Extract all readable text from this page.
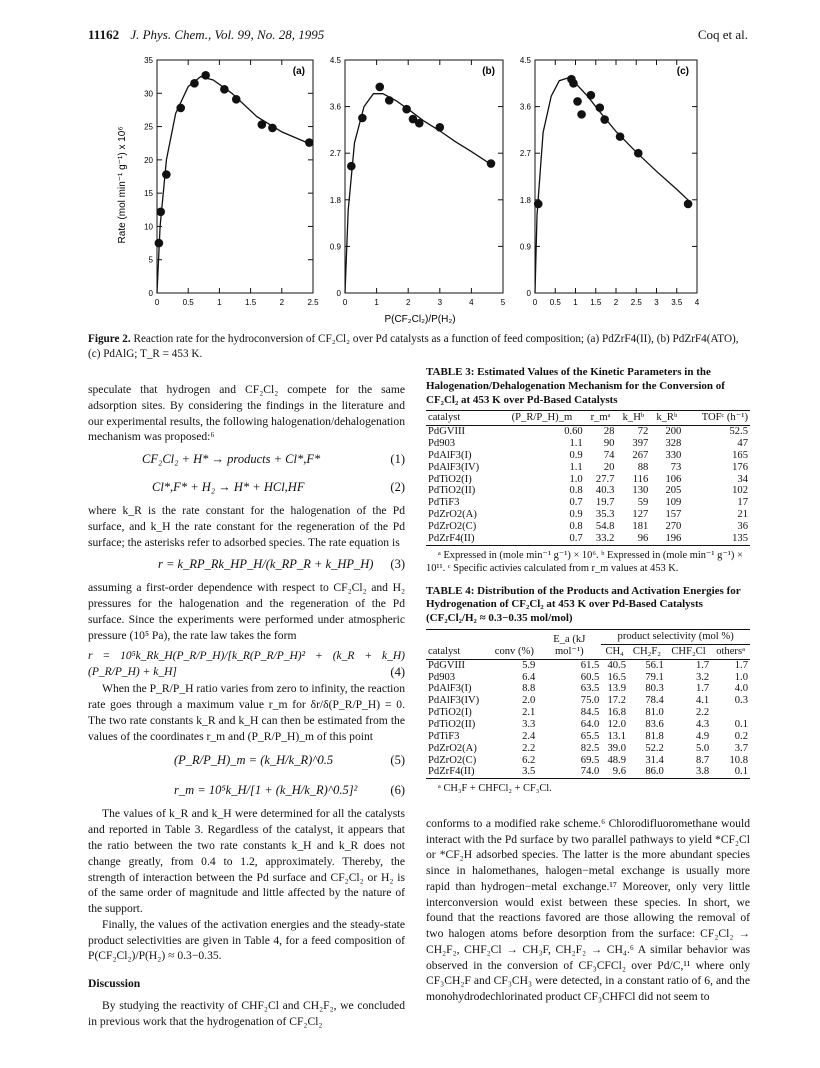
11162 J. Phys. Chem., Vol. 99, No. 28, 1995	Coq et al.
Rate (mol min⁻¹ g⁻¹) x 10⁶
P(CF₂Cl₂)/P(H₂)
0
5
10
15
20
25
30
35
0	0.5	1	1.5	2	2.5
(a)
0
0.9
1.8
2.7
3.6
4.5
0	1	2	3	4	5
(b)
0
0.9
1.8
2.7
3.6
4.5
0 0.5 1 1.5 2 2.5 3 3.5 4
(c)
Figure 2. Reaction rate for the hydroconversion of CF₂Cl₂ over Pd catalysts as a function of feed composition; (a) PdZrF4(II), (b) PdZrF4(ATO),
(c) PdAlG; T_R = 453 K.

speculate that hydrogen and CF₂Cl₂ compete for the same adsorption sites. By considering the findings in the literature and our experimental results, the following halogenation/dehalogenation mechanism was proposed:⁶

CF₂Cl₂ + H* → products + Cl*,F*	(1)
Cl*,F* + H₂ → H* + HCl,HF	(2)

where k_R is the rate constant for the halogenation of the Pd surface, and k_H the rate constant for the regeneration of the Pd surface; the asterisks refer to adsorbed species. The rate equation is

r = k_RP_Rk_HP_H/(k_RP_R + k_HP_H) (3)

assuming a first-order dependence with respect to CF₂Cl₂ and H₂ pressures for the halogenation and the regeneration of the Pd surface. Since the experiments were performed under atmospheric pressure (10⁵ Pa), the rate law takes the form

r = 10⁵k_Rk_H(P_R/P_H)/[k_R(P_R/P_H)² + (k_R + k_H)(P_R/P_H) + k_H]	(4)

When the P_R/P_H ratio varies from zero to infinity, the reaction rate goes through a maximum value r_m for δr/δ(P_R/P_H) = 0. The two rate constants k_R and k_H can then be estimated from the values of the coordinates r_m and (P_R/P_H)_m of this point

(P_R/P_H)_m = (k_H/k_R)^0.5	(5)
r_m = 10⁵k_H/[1 + (k_H/k_R)^0.5]²	(6)

The values of k_R and k_H were determined for all the catalysts and reported in Table 3. Regardless of the catalyst, it appears that the ratio between the two rate constants k_H and k_R does not change greatly, from 0.4 to 1.2, approximately. Thereby, the strength of interaction between the Pd surface and CF₂Cl₂ or H₂ is of the same order of magnitude and little affected by the nature of the support.

Finally, the values of the activation energies and the steady-state product selectivities are given in Table 4, for a feed composition of P(CF₂Cl₂)/P(H₂) ≈ 0.3−0.35.

Discussion

By studying the reactivity of CHF₂Cl and CH₂F₂, we concluded in previous work that the hydrogenation of CF₂Cl₂

TABLE 3: Estimated Values of the Kinetic Parameters in the Halogenation/Dehalogenation Mechanism for the Conversion of CF₂Cl₂ at 453 K over Pd-Based Catalysts
catalyst	(P_R/P_H)_m	r_mᵃ	k_Hᵇ	k_Rᵇ	TOFᶜ (h⁻¹)
PdGVIII	0.60	28	72	200	52.5
Pd903	1.1	90	397	328	47
PdAlF3(I)	0.9	74	267	330	165
PdAlF3(IV)	1.1	20	88	73	176
PdTiO2(I)	1.0	27.7	116	106	34
PdTiO2(II)	0.8	40.3	130	205	102
PdTiF3	0.7	19.7	59	109	17
PdZrO2(A)	0.9	35.3	127	157	21
PdZrO2(C)	0.8	54.8	181	270	36
PdZrF4(II)	0.7	33.2	96	196	135
ᵃ Expressed in (mole min⁻¹ g⁻¹) × 10⁶. ᵇ Expressed in (mole min⁻¹ g⁻¹) × 10¹¹. ᶜ Specific activies calculated from r_m values at 453 K.
TABLE 4: Distribution of the Products and Activation Energies for Hydrogenation of CF₂Cl₂ at 453 K over Pd-Based Catalysts (CF₂Cl₂/H₂ ≈ 0.3−0.35 mol/mol)
catalyst	conv (%)	E_a (kJ mol⁻¹)	product selectivity (mol %)			
			CH₄	CH₂F₂	CHF₂Cl	othersᵃ
PdGVIII	5.9	61.5	40.5	56.1	1.7	1.7
Pd903	6.4	60.5	16.5	79.1	3.2	1.0
PdAlF3(I)	8.8	63.5	13.9	80.3	1.7	4.0
PdAlF3(IV)	2.0	75.0	17.2	78.4	4.1	0.3
PdTiO2(I)	2.1	84.5	16.8	81.0	2.2	
PdTiO2(II)	3.3	64.0	12.0	83.6	4.3	0.1
PdTiF3	2.4	65.5	13.1	81.8	4.9	0.2
PdZrO2(A)	2.2	82.5	39.0	52.2	5.0	3.7
PdZrO2(C)	6.2	69.5	48.9	31.4	8.7	10.8
PdZrF4(II)	3.5	74.0	9.6	86.0	3.8	0.1
ᵃ CH₃F + CHFCl₂ + CF₃Cl.

conforms to a modified rake scheme.⁶ Chlorodifluoromethane would interact with the Pd surface by two parallel pathways to yield *CF₂Cl or *CF₂H adsorbed species. The latter is the more abundant species since in halomethanes, halogen−metal exchange is usually more rapid than hydrogen−metal exchange.¹⁷ Moreover, only very little interconversion would exist between these species. In short, we found that the reactions favored are those allowing the removal of two halogen atoms before desorption from the surface: CF₂Cl₂ → CH₂F₂, CHF₂Cl → CH₃F, CH₂F₂ → CH₄.⁶ A similar behavior was observed in the conversion of CF₃CFCl₂ over Pd/C,¹¹ where only CF₃CH₂F and CF₃CH₃ were detected, in a constant ratio of 6, and the monohydrodechlorinated product CF₃CHFCl did not seem to
